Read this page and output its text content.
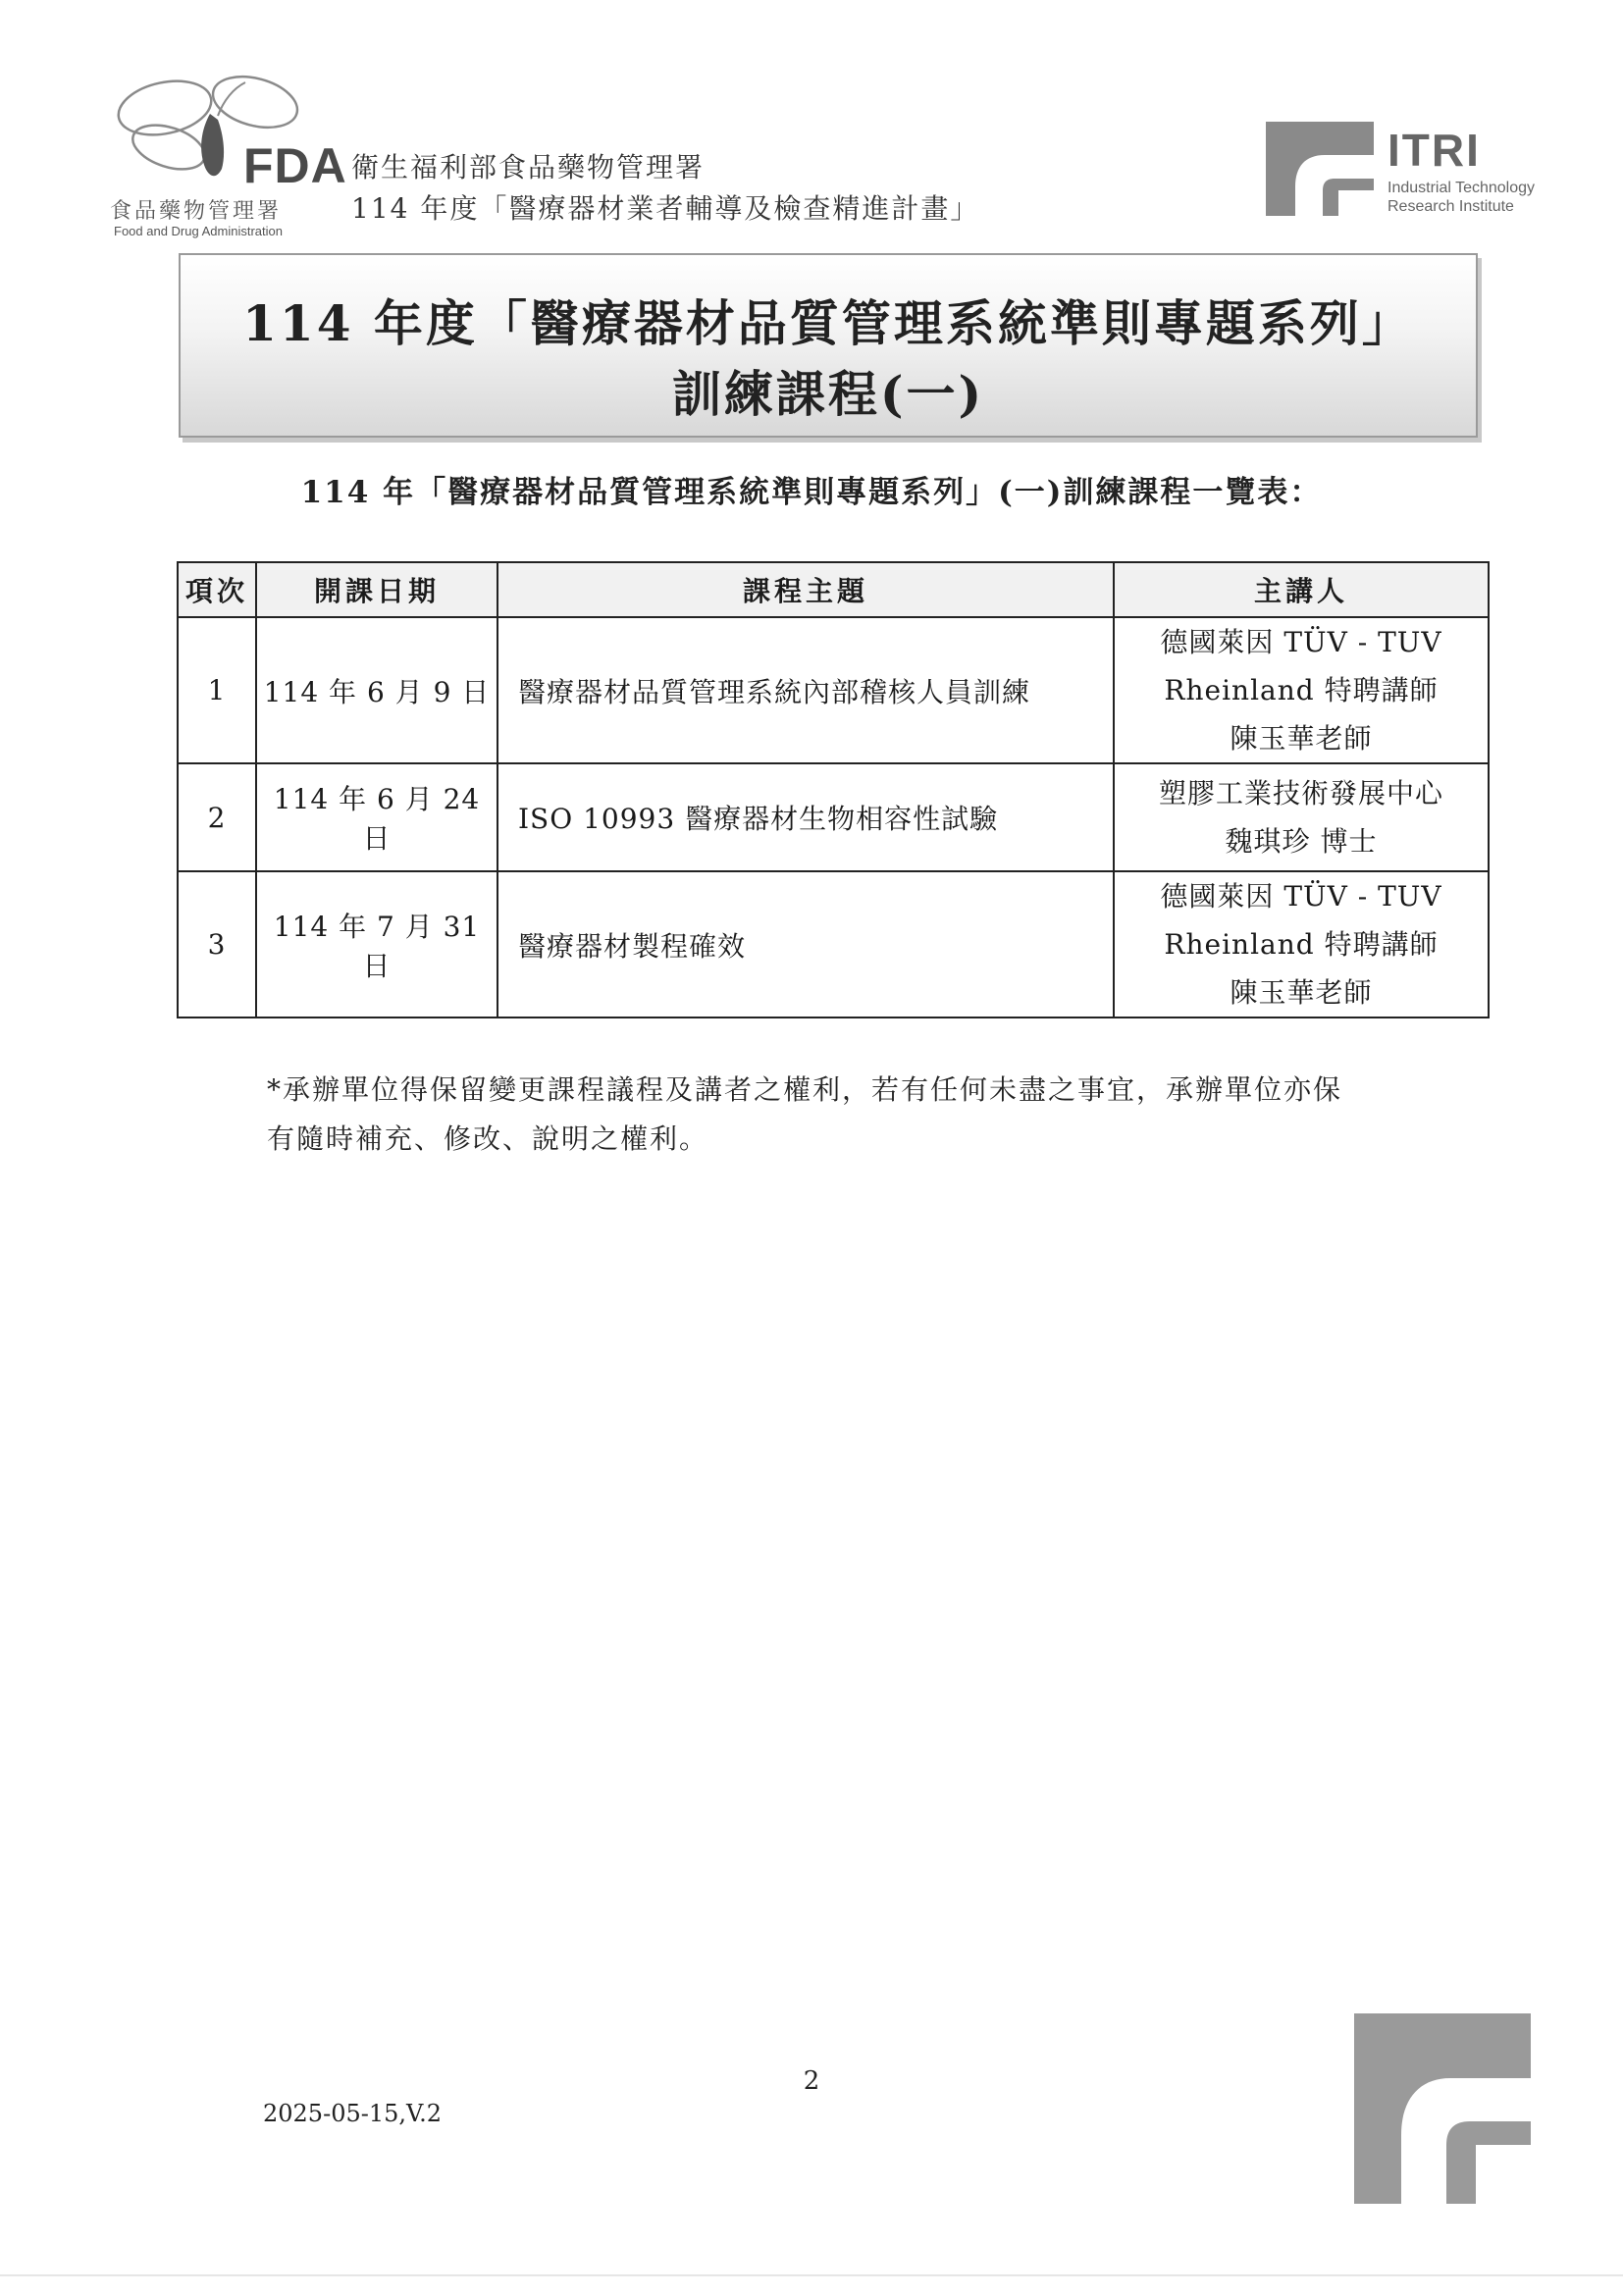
FDA
食品藥物管理署
Food and Drug Administration
衛生福利部食品藥物管理署
114 年度「醫療器材業者輔導及檢查精進計畫」
ITRI
Industrial Technology
Research Institute
114 年度「醫療器材品質管理系統準則專題系列」
訓練課程(一)
114 年「醫療器材品質管理系統準則專題系列」(一)訓練課程一覽表：
項次	開課日期	課程主題	主講人
1	114 年 6 月 9 日	醫療器材品質管理系統內部稽核人員訓練	德國萊因 TÜV - TUV
Rheinland 特聘講師
陳玉華老師

2	114 年 6 月 24 日	ISO 10993 醫療器材生物相容性試驗	塑膠工業技術發展中心
魏琪珍 博士

3	114 年 7 月 31 日	醫療器材製程確效	德國萊因 TÜV - TUV
Rheinland 特聘講師
陳玉華老師
*承辦單位得保留變更課程議程及講者之權利，若有任何未盡之事宜，承辦單位亦保
有隨時補充、修改、說明之權利。
2
2025-05-15,V.2
